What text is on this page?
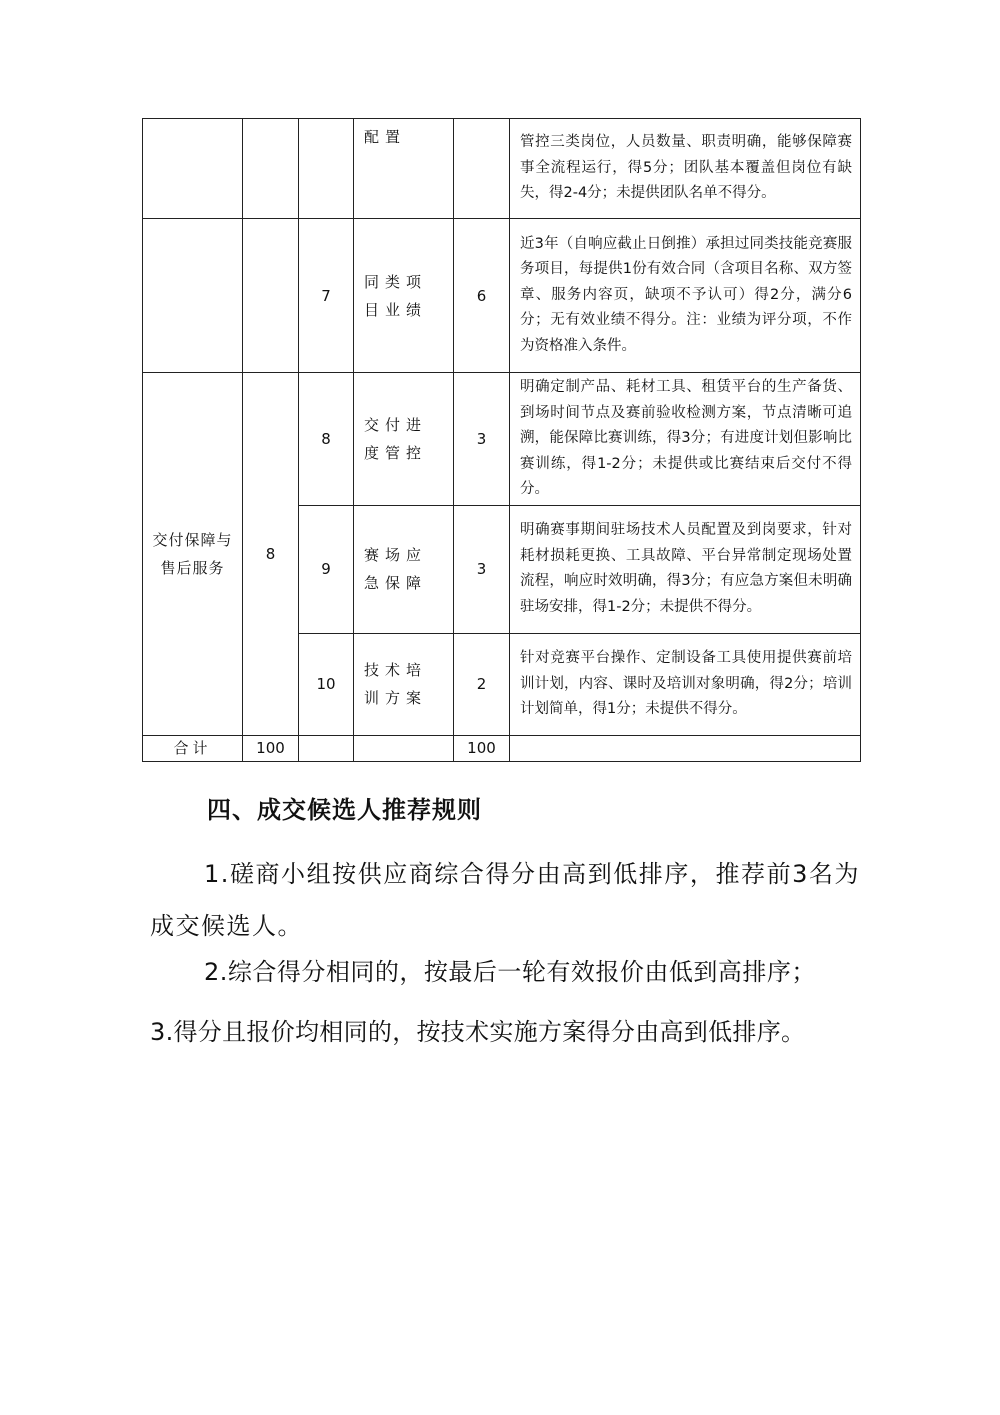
			配置		管控三类岗位，人员数量、职责明确，能够保障赛事全流程运行，得5分；团队基本覆盖但岗位有缺失，得2-4分；未提供团队名单不得分。
		7	同类项目业绩	6	近3年（自响应截止日倒推）承担过同类技能竞赛服务项目，每提供1份有效合同（含项目名称、双方签章、服务内容页，缺项不予认可）得2分，满分6分；无有效业绩不得分。注：业绩为评分项，不作为资格准入条件。
交付保障与售后服务	8	8	交付进度管控	3	明确定制产品、耗材工具、租赁平台的生产备货、到场时间节点及赛前验收检测方案，节点清晰可追溯，能保障比赛训练，得3分；有进度计划但影响比赛训练，得1-2分；未提供或比赛结束后交付不得分。
		9	赛场应急保障	3	明确赛事期间驻场技术人员配置及到岗要求，针对耗材损耗更换、工具故障、平台异常制定现场处置流程，响应时效明确，得3分；有应急方案但未明确驻场安排，得1-2分；未提供不得分。
		10	技术培训方案	2	针对竞赛平台操作、定制设备工具使用提供赛前培训计划，内容、课时及培训对象明确，得2分；培训计划简单，得1分；未提供不得分。
合计	100			100	
四、成交候选人推荐规则

1.磋商小组按供应商综合得分由高到低排序，推荐前3名为成交候选人。

2.综合得分相同的，按最后一轮有效报价由低到高排序；

3.得分且报价均相同的，按技术实施方案得分由高到低排序。
